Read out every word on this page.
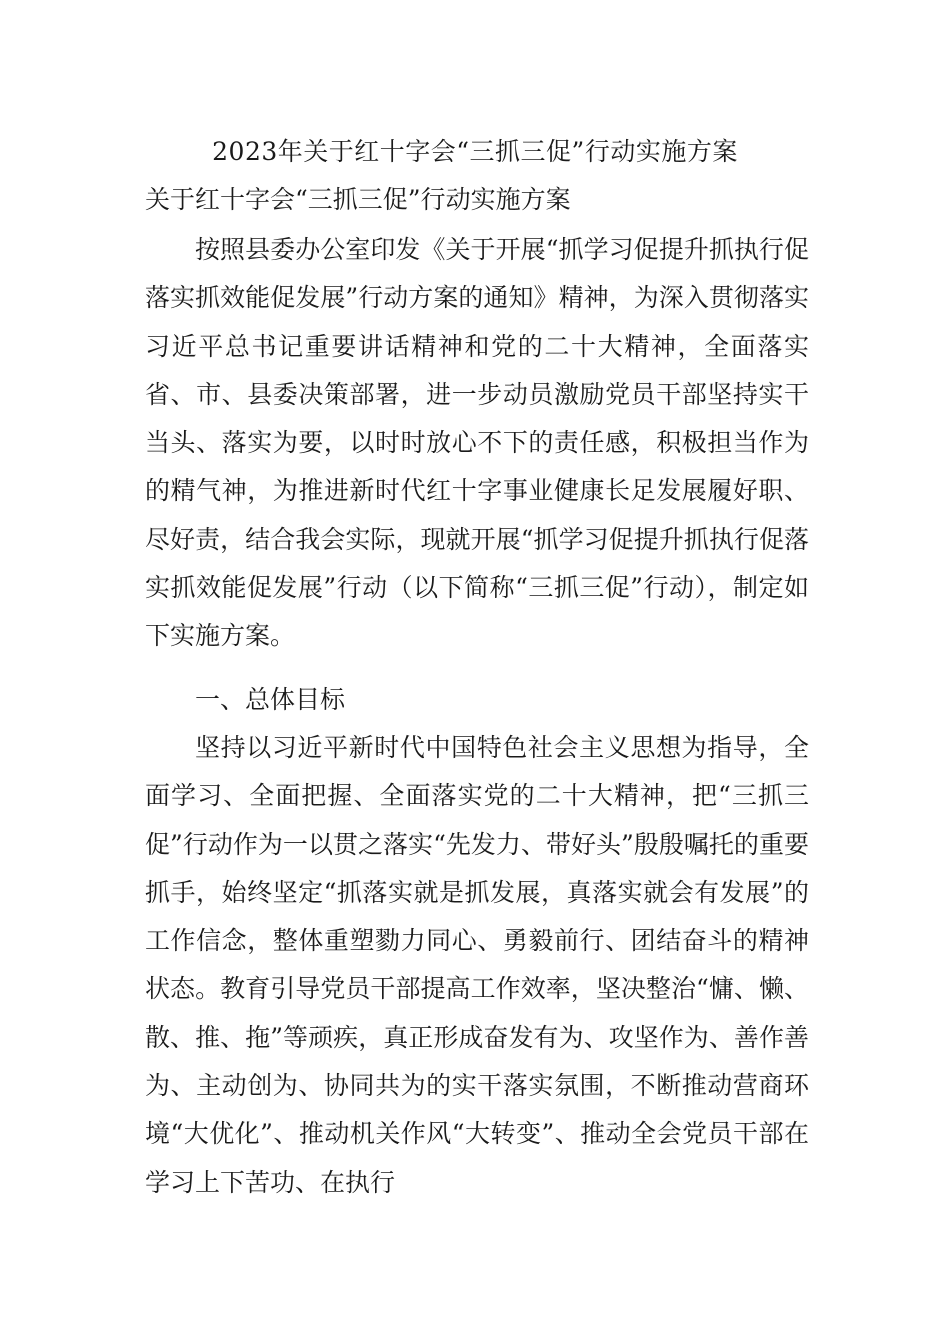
2023年关于红十字会“三抓三促”行动实施方案
关于红十字会“三抓三促”行动实施方案

按照县委办公室印发《关于开展“抓学习促提升抓执行促落实抓效能促发展”行动方案的通知》精神，为深入贯彻落实习近平总书记重要讲话精神和党的二十大精神，全面落实省、市、县委决策部署，进一步动员激励党员干部坚持实干当头、落实为要，以时时放心不下的责任感，积极担当作为的精气神，为推进新时代红十字事业健康长足发展履好职、尽好责，结合我会实际，现就开展“抓学习促提升抓执行促落实抓效能促发展”行动（以下简称“三抓三促”行动），制定如下实施方案。

一、总体目标

坚持以习近平新时代中国特色社会主义思想为指导，全面学习、全面把握、全面落实党的二十大精神，把“三抓三促”行动作为一以贯之落实“先发力、带好头”殷殷嘱托的重要抓手，始终坚定“抓落实就是抓发展，真落实就会有发展”的工作信念，整体重塑勠力同心、勇毅前行、团结奋斗的精神状态。教育引导党员干部提高工作效率，坚决整治“慵、懒、散、推、拖”等顽疾，真正形成奋发有为、攻坚作为、善作善为、主动创为、协同共为的实干落实氛围，不断推动营商环境“大优化”、推动机关作风“大转变”、推动全会党员干部在学习上下苦功、在执行
